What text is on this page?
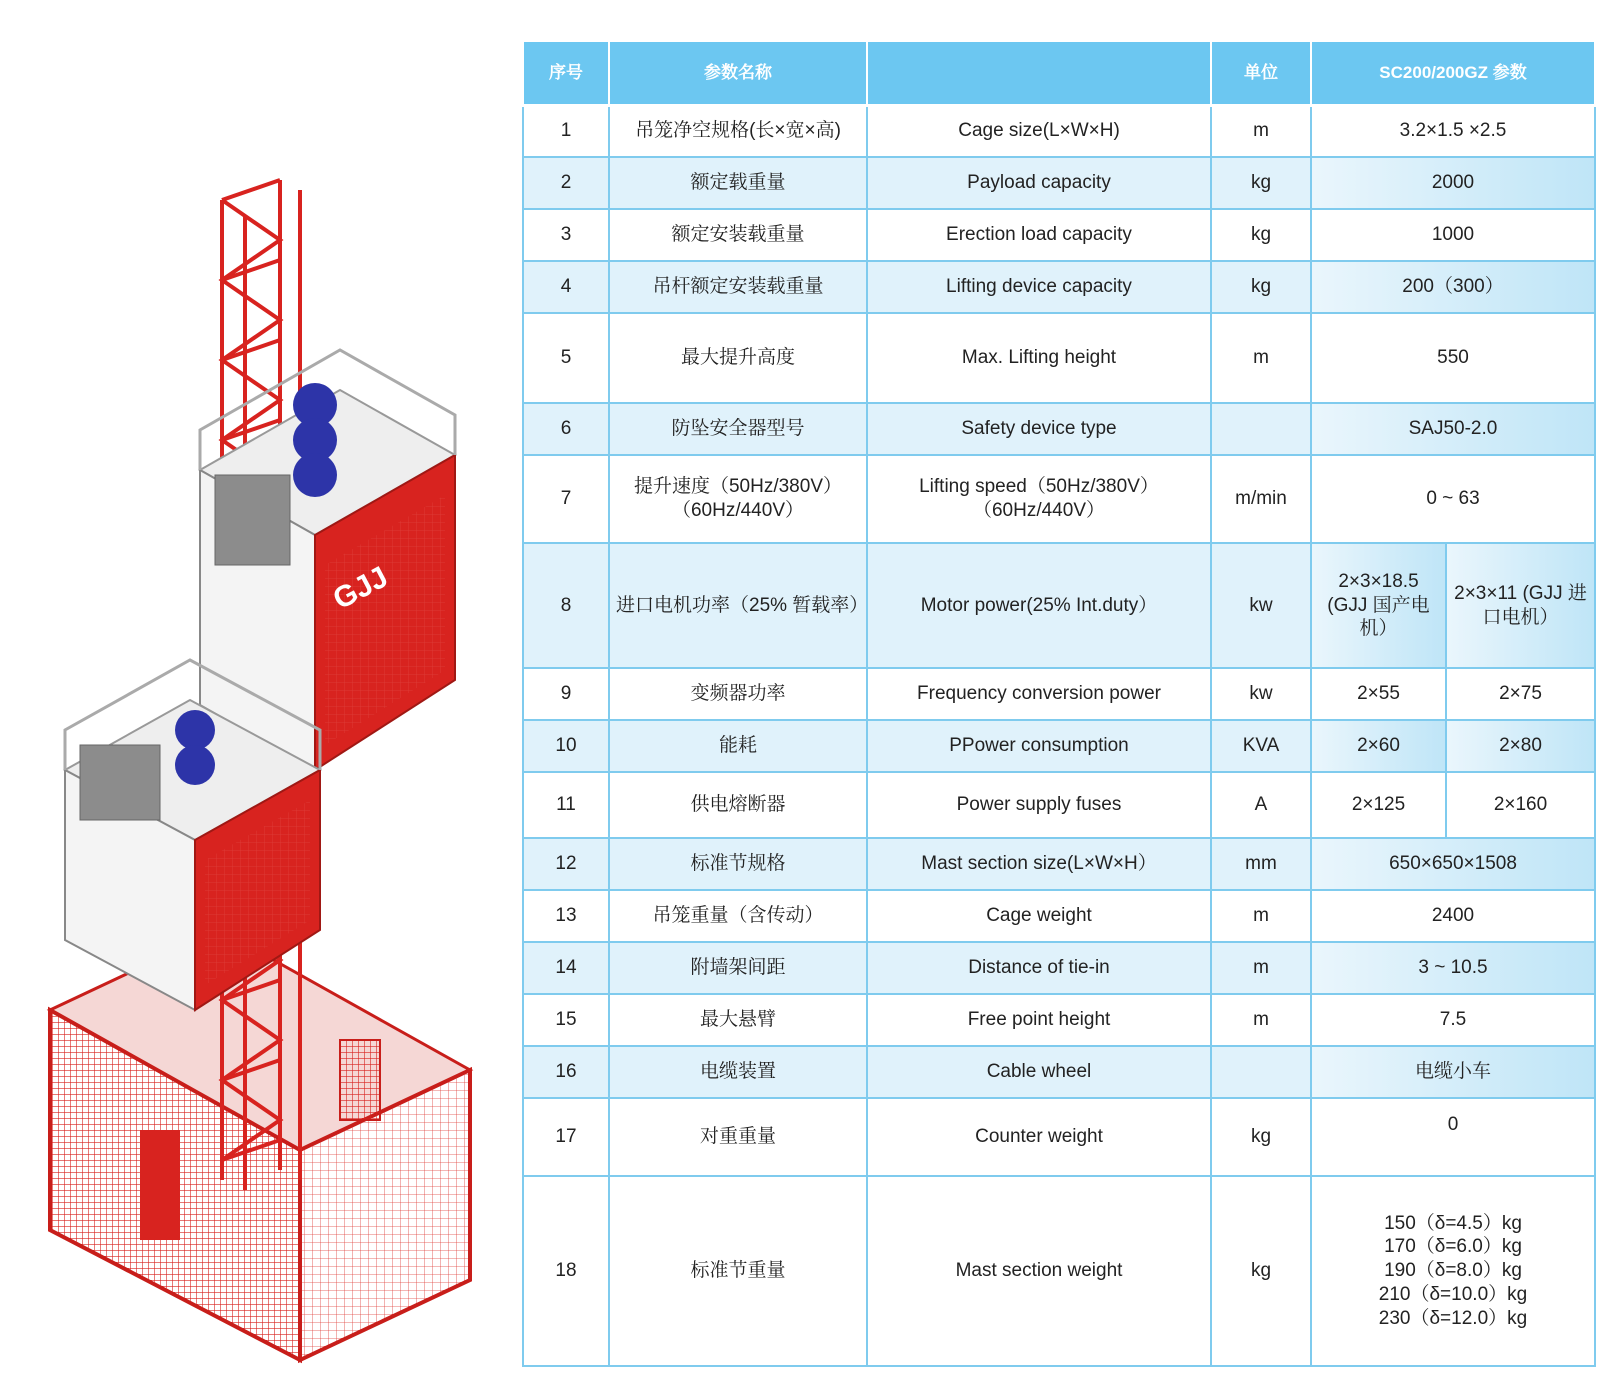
GJJ
序号	参数名称		单位	SC200/200GZ 参数	
1	吊笼净空规格(长×宽×高)	Cage size(L×W×H)	m	3.2×1.5 ×2.5	
2	额定载重量	Payload capacity	kg	2000	
3	额定安装载重量	Erection load capacity	kg	1000	
4	吊杆额定安装载重量	Lifting device capacity	kg	200（300）	
5	最大提升高度	Max. Lifting height	m	550	
6	防坠安全器型号	Safety device type		SAJ50-2.0	
7	提升速度（50Hz/380V）（60Hz/440V）	Lifting speed（50Hz/380V）（60Hz/440V）	m/min	0 ~ 63	
8	进口电机功率（25% 暂载率）	Motor power(25% Int.duty）	kw	2×3×18.5 (GJJ 国产电机）	2×3×11 (GJJ 进口电机）
9	变频器功率	Frequency conversion power	kw	2×55	2×75
10	能耗	PPower consumption	KVA	2×60	2×80
11	供电熔断器	Power supply fuses	A	2×125	2×160
12	标准节规格	Mast section size(L×W×H）	mm	650×650×1508	
13	吊笼重量（含传动）	Cage weight	m	2400	
14	附墙架间距	Distance of tie-in	m	3 ~ 10.5	
15	最大悬臂	Free point height	m	7.5	
16	电缆装置	Cable wheel		电缆小车	
17	对重重量	Counter weight	kg	0	
18	标准节重量	Mast section weight	kg	150（δ=4.5）kg
170（δ=6.0）kg
190（δ=8.0）kg
210（δ=10.0）kg
230（δ=12.0）kg	
